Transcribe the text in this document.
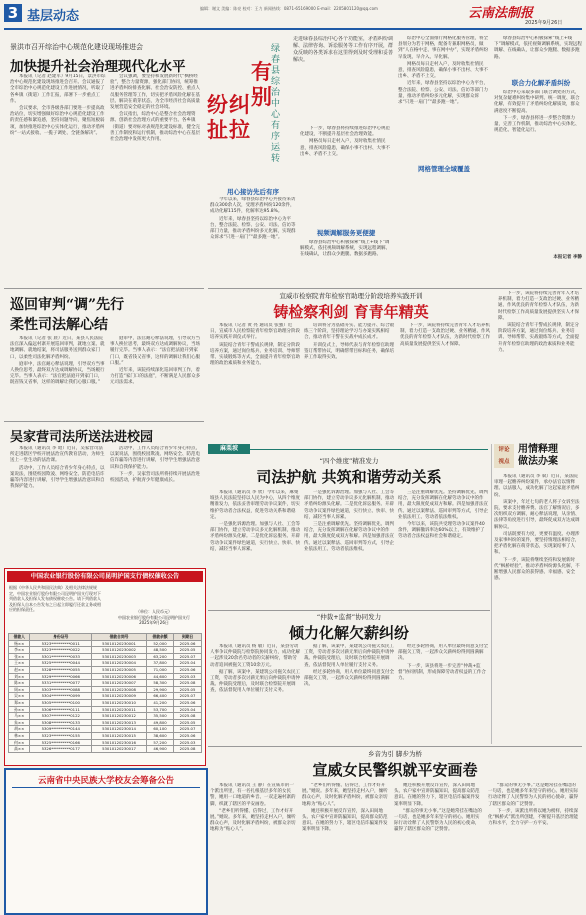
3 基层动态
编辑：谢文 美编：陈亮 校对：王力 新闻热线：0871-65169000 E-mail：2205801120@qq.com	云南法制报
2025年9月26日
景洪市召开综治中心规范化建设现场推进会
加快提升社会治理现代化水平

本报讯（记者 赵建军）9月15日，景洪市综治中心规范化建设现场推进会召开。会议通报了全市综治中心规范化建设工作进展情况，听取了各乡镇（街道）工作汇报，部署下一步重点工作。

会议要求，全市各级各部门要进一步提高政治站位，切实增强做好综治中心规范化建设工作的责任感和紧迫感，坚持问题导向，聚焦短板弱项，加快推进综治中心实体化运行，推动矛盾纠纷“一站式接收、一揽子调处、全链条解决”。

会议强调，要坚持和发展新时代“枫桥经验”，整合力量资源，强化部门协同，统筹推进矛盾纠纷排查化解、社会治安防控、重点人员服务管理等工作，切实把矛盾风险化解在基层、解决在萌芽状态，为全市经济社会高质量发展营造安全稳定的社会环境。

会议指出，综治中心是整合社会治理资源、创新社会治理方式的重要平台。各乡镇（街道）要对标对表规范化建设标准，健全完善工作制度和运行机制，推动综治中心在基层社会治理中发挥更大作用。

绿春县综治中心有序运转
有别
纠拉
纷扯
走进绿春县综治中心各个功能室，矛盾纠纷调解、法律咨询、诉讼服务等工作有序开展，群众反映的各类诉求在这里得到及时受理和妥善解决。

综治中心全面推行网格化服务管理，将全县划分为若干网格，配备专兼职网格员，做到“人在格中走、事在网中办”，实现矛盾纠纷早发现、早介入、早化解。

网格员每日走村入户，及时收集社情民意，排查风险隐患，确保小事不出村、大事不出乡、矛盾不上交。

近年来，绿春县坚持以综治中心为平台，整合法院、检察、公安、司法、信访等部门力量，推动矛盾纠纷多元化解，实现群众诉求“只进一扇门”“最多跑一地”。

绿春县综治中心积极探索“线上+线下”调解模式，依托视频调解系统，实现远程调解、在线确认，让群众少跑腿、数据多跑路。

联合力化解矛盾纠纷

综治中心采取多部门联合调处的方式，对复杂疑难纠纷集中研判、统一调度、联合化解，有效提升了矛盾纠纷化解质效，群众满意度不断提高。

下一步，绿春县将进一步整合资源力量，完善工作机制，推动综治中心实体化、规范化、智能化运行。

本报记者 李静
用心接访先后有序

今年以来，绿春县综治中心共接待来访群众300余人次，受理矛盾纠纷120余件，成功化解115件，化解率达95.8%。

近年来，绿春县坚持以综治中心为平台，整合法院、检察、公安、司法、信访等部门力量，推动矛盾纠纷多元化解，实现群众诉求“只进一扇门”“最多跑一地”。

下一步，绿春县将持续推进综治中心规范化建设，不断提升基层社会治理效能。

网格员每日走村入户，及时收集社情民意，排查风险隐患，确保小事不出村、大事不出乡、矛盾不上交。

视频调解服务更便捷

绿春县综治中心积极探索“线上+线下”调解模式，依托视频调解系统，实现远程调解、在线确认，让群众少跑腿、数据多跑路。

网格管理全域覆盖
巡回审判“调”先行
柔性司法解心结

本报讯（记者 张 晨）近日，某县人民法院法官深入偏远村寨开展巡回审判，就地立案、就地调解、就地结案，将司法服务送到群众家门口，以柔性司法化解矛盾纠纷。

庭审中，法官耐心释法说理，引导双方当事人换位思考，最终双方达成调解协议，当场履行完毕。当事人表示：“法官把法庭开到家门口，既省钱又省事，这样的调解让我们心服口服。”

庭审中，法官耐心释法说理，引导双方当事人换位思考，最终双方达成调解协议，当场履行完毕。当事人表示：“法官把法庭开到家门口，既省钱又省事，这样的调解让我们心服口服。”

近年来，该院持续深化巡回审判工作，着力打造“家门口的法庭”，不断满足人民群众多元司法需求。

吴家营司法所送法进校园

本报讯（通讯员 李 昭）近日，吴家营司法所走进辖区学校开展法治宣传教育活动，为师生送上一堂生动的法治课。

活动中，工作人员结合青少年身心特点，以案说法，围绕校园欺凌、网络安全、防范电信诈骗等内容进行讲解，引导学生增强法治意识和自我保护能力。

活动中，工作人员结合青少年身心特点，以案说法，围绕校园欺凌、网络安全、防范电信诈骗等内容进行讲解，引导学生增强法治意识和自我保护能力。

下一步，吴家营司法所将持续开展法治进校园活动，护航青少年健康成长。

中国农业银行股份有限公司昆明护国支行债权催收公告
根据《中华人民共和国民法典》及相关法律法规规定，中国农业银行股份有限公司昆明护国支行现对下列借款人及担保人发布债权催收公告。请下列借款人及担保人自本公告发布之日起立即履行还款义务或相应的担保责任。	（单位：人民币元）
中国农业银行股份有限公司昆明护国支行
2025年9月26日
借款人	身份证号	借款合同号	借款余额	到期日
杨××	5323**********0011	53010120230001	52,000	2025.06
李××	5323**********0022	53010120230002	48,500	2025.05
张××	5301**********0033	53010120230003	63,200	2025.07
王××	5325**********0044	53010120230004	37,800	2025.04
赵××	5328**********0055	53010120230005	71,000	2025.06
刘××	5329**********0066	53010120230006	44,600	2025.03
陈××	5331**********0077	53010120230007	58,300	2025.08
周××	5303**********0088	53010120230008	29,900	2025.05
吴××	5304**********0099	53010120230009	66,400	2025.07
郑××	5305**********0100	53010120230010	41,200	2025.06
孙××	5306**********0111	53010120230011	53,700	2025.04
马××	5307**********0122	53010120230012	35,500	2025.08
朱××	5308**********0133	53010120230013	49,800	2025.05
胡××	5309**********0144	53010120230014	60,100	2025.07
林××	5323**********0155	53010120230015	38,600	2025.06
何××	5325**********0166	53010120230016	57,200	2025.03
高××	5326**********0177	53010120230017	46,900	2025.08
云南省中央民族大学校友会筹备公告
宣威市检察院青年检察官助理分阶段培养实践开训
铸检察利剑 育青年精英

本报讯（记者 黄 亮 通讯员 张强）近日，宣威市人民检察院青年检察官助理分阶段培养实践开训仪式举行。

该院结合青年干警成长规律，制定分阶段培养方案，通过岗位练兵、业务培训、导师帮带、实战锻炼等方式，全面提升青年检察官助理的政治素质和业务能力。

培训将分为基础夯实、能力提升、综合锻炼三个阶段，坚持理论学习与办案实践相结合，推动青年干警在实战中成长成才。

开训仪式上，导师代表与青年检察官助理签订帮带协议，明确帮带目标和任务，确保培养工作取得实效。

下一步，该院将持续完善青年人才培养机制，着力打造一支政治过硬、业务精通、作风优良的青年检察人才队伍，为新时代检察工作高质量发展提供坚实人才保障。

下一步，该院将持续完善青年人才培养机制，着力打造一支政治过硬、业务精通、作风优良的青年检察人才队伍，为新时代检察工作高质量发展提供坚实人才保障。

该院结合青年干警成长规律，制定分阶段培养方案，通过岗位练兵、业务培训、导师帮带、实战锻炼等方式，全面提升青年检察官助理的政治素质和业务能力。

麻栗坡
“四个维度”精准发力
司法护航 共筑和谐劳动关系

本报讯（通讯员 李 欣）今年以来，麻栗坡县人民法院坚持以人民为中心，从四个维度精准发力，依法妥善审理劳动争议案件，切实维护劳动者合法权益，促进劳动关系和谐稳定。

一是强化诉源治理。加强与人社、工会等部门协作，建立劳动争议多元化解机制，推动矛盾纠纷源头化解。二是优化诉讼服务。开辟劳动争议案件绿色通道，实行快立、快审、快结，减轻当事人诉累。

一是强化诉源治理。加强与人社、工会等部门协作，建立劳动争议多元化解机制，推动矛盾纠纷源头化解。二是优化诉讼服务。开辟劳动争议案件绿色通道，实行快立、快审、快结，减轻当事人诉累。

三是注重调解优先。坚持调解优先、调判结合，充分发挥调解在化解劳动争议中的作用，最大限度促成双方和解。四是加强普法宣传。通过以案释法、巡回审判等方式，引导企业依法用工、劳动者依法维权。

三是注重调解优先。坚持调解优先、调判结合，充分发挥调解在化解劳动争议中的作用，最大限度促成双方和解。四是加强普法宣传。通过以案释法、巡回审判等方式，引导企业依法用工、劳动者依法维权。

今年以来，该院共受理劳动争议案件40余件，调解撤诉率达60%以上，有效维护了劳动者合法权益和社会和谐稳定。

评论
视点
用情释理
做法办案

本报讯（通讯员 李 斌）近日，某法院审理一起赡养纠纷案件，承办法官以情释理、以法服人，成功化解了这起家庭矛盾纠纷。

该案中，年过七旬的老人将子女诉至法院，要求支付赡养费。法官了解情况后，多次组织双方调解，耐心释法说理，从亲情、法律等角度进行引导，最终促成双方达成调解协议。

司法既要有力度，更要有温度。办理涉及家事纠纷的案件，要坚持情理法相结合，把矛盾化解在萌芽状态，实现案结事了人和。

下一步，该院将继续坚持和发展新时代“枫桥经验”，推动矛盾纠纷源头化解，不断增强人民群众的获得感、幸福感、安全感。

“仲裁+监督”协同发力
倾力化解欠薪纠纷

本报讯（通讯员 杨 敏）近日，某县劳动人事争议仲裁院与检察院协同发力，成功化解一起涉及20余名劳动者的欠薪纠纷，帮助劳动者追回被拖欠工资10余万元。

据了解，该案中，某建筑公司拖欠农民工工资，劳动者多次讨薪无果后向仲裁院申请仲裁。仲裁院受理后，及时联合检察院开展调查，依法督促用人单位履行支付义务。

据了解，该案中，某建筑公司拖欠农民工工资，劳动者多次讨薪无果后向仲裁院申请仲裁。仲裁院受理后，及时联合检察院开展调查，依法督促用人单位履行支付义务。

经过多轮协商，用人单位最终同意支付全部拖欠工资，一起涉众欠薪纠纷得到圆满解决。

经过多轮协商，用人单位最终同意支付全部拖欠工资，一起涉众欠薪纠纷得到圆满解决。

下一步，该县将进一步完善“仲裁+监督”协同机制，形成保障劳动者权益的工作合力。

乡音为引 脚步为桥
宣威女民警织就平安画卷

本报讯（通讯员 王 静）在宣威市的一个派出所里，有一名扎根基层多年的女民警，她用一口地道的乡音、一双走遍村寨的脚，织就了辖区的平安画卷。

“老乡们听得懂、信得过，工作才好开展。”她说。多年来，她坚持走村入户，倾听群众心声，及时化解矛盾纠纷，被群众亲切地称为“贴心人”。

“老乡们听得懂、信得过，工作才好开展。”她说。多年来，她坚持走村入户，倾听群众心声，及时化解矛盾纠纷，被群众亲切地称为“贴心人”。

她还积极开展反诈宣传，深入田间地头、农户家中宣讲防骗知识，提高群众防范意识。在她的努力下，辖区电信诈骗案件发案率明显下降。

她还积极开展反诈宣传，深入田间地头、农户家中宣讲防骗知识，提高群众防范意识。在她的努力下，辖区电信诈骗案件发案率明显下降。

“群众的事无小事。”这是她常挂在嘴边的一句话，也是她多年来坚守的初心。她用实际行动诠释了人民警察为人民的初心使命，赢得了辖区群众的广泛赞誉。

“群众的事无小事。”这是她常挂在嘴边的一句话，也是她多年来坚守的初心。她用实际行动诠释了人民警察为人民的初心使命，赢得了辖区群众的广泛赞誉。

下一步，该派出所将以她为榜样，持续深化“枫桥式”派出所创建，不断提升基层治理能力和水平，全力守护一方平安。
